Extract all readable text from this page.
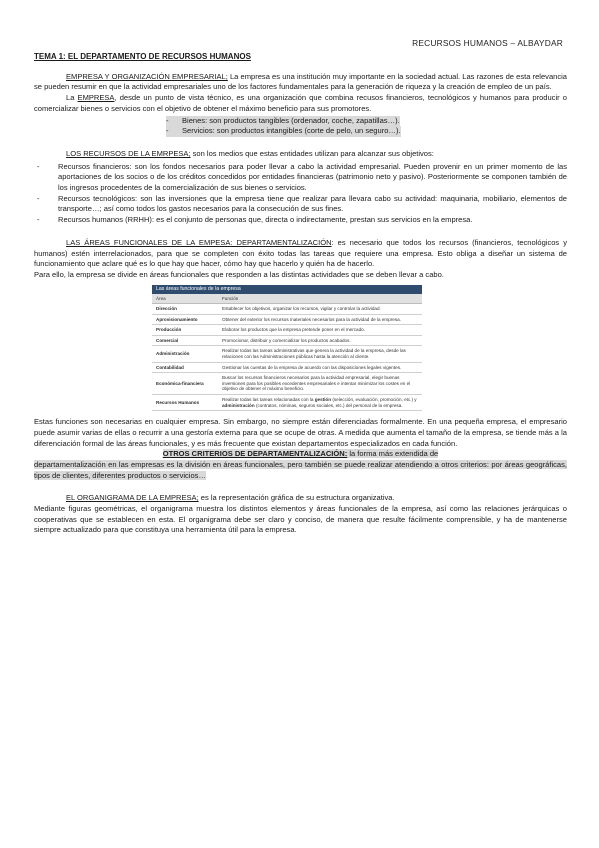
RECURSOS HUMANOS – ALBAYDAR
TEMA 1: EL DEPARTAMENTO DE RECURSOS HUMANOS

EMPRESA Y ORGANIZACIÓN EMPRESARIAL; La empresa es una institución muy importante en la sociedad actual. Las razones de esta relevancia se pueden resumir en que la actividad empresariales uno de los factores fundamentales para la generación de riqueza y la creación de empleo de un país.

La EMPRESA, desde un punto de vista técnico, es una organización que combina recusos financieros, tecnológicos y humanos para producir o comercializar bienes o servicios con el objetivo de obtener el máximo beneficio para sus promotores.

- Bienes: son productos tangibles (ordenador, coche, zapatillas…).
- Servicios: son productos intangibles (corte de pelo, un seguro…).

LOS RECURSOS DE LA EMRPESA; son los medios que estas entidades utilizan para alcanzar sus objetivos:

- Recursos financieros: son los fondos necesarios para poder llevar a cabo la actividad empresarial. Pueden provenir en un primer momento de las aportaciones de los socios o de los créditos concedidos por entidades financieras (patrimonio neto y pasivo). Posteriormente se componen también de los ingresos procedentes de la comercialización de sus bienes o servicios.
- Recursos tecnológicos: son las inversiones que la empresa tiene que realizar para llevara cabo su actividad: maquinaria, mobiliario, elementos de transporte…; así como todos los gastos necesarios para la consecución de sus fines.
- Recursos humanos (RRHH): es el conjunto de personas que, directa o indirectamente, prestan sus servicios en la empresa.

LAS ÁREAS FUNCIONALES DE LA EMPESA: DEPARTAMENTALIZACIÓN: es necesario que todos los recursos (financieros, tecnológicos y humanos) estén interrelacionados, para que se completen con éxito todas las tareas que requiere una empresa. Esto obliga a diseñar un sistema de funcionamiento que aclare qué es lo que hay que hacer, cómo hay que hacerlo y quién ha de hacerlo.

Para ello, la empresa se divide en áreas funcionales que responden a las distintas actividades que se deben llevar a cabo.

Las áreas funcionales de la empresa
Área	Función
Dirección	Establecer los objetivos, organizar los recursos, vigilar y controlar la actividad.
Aprovisionamiento	Obtener del exterior los recursos materiales necesarios para la actividad de la empresa.
Producción	Elaborar los productos que la empresa pretende poner en el mercado.
Comercial	Promocionar, distribuir y comercializar los productos acabados.
Administración	Realizar todas las tareas administrativas que genera la actividad de la empresa, desde las relaciones con las Administraciones públicas hasta la atención al cliente.
Contabilidad	Gestionar las cuentas de la empresa de acuerdo con las disposiciones legales vigentes.
Económica-financiera	Buscar los recursos financieros necesarios para la actividad empresarial, elegir buenas inversiones para los posibles excedentes empresariales e intentar minimizar los costes en el objetivo de obtener el máximo beneficio.
Recursos Humanos	Realizar todas las tareas relacionadas con la gestión (selección, evaluación, promoción, etc.) y administración (contratos, nóminas, seguros sociales, etc.) del personal de la empresa.

Estas funciones son necesarias en cualquier empresa. Sin embargo, no siempre están diferenciadas formalmente. En una pequeña empresa, el empresario puede asumir varias de ellas o recurrir a una gestoría externa para que se ocupe de otras. A medida que aumenta el tamaño de la empresa, se tiende más a la diferenciación formal de las áreas funcionales, y es más frecuente que existan departamentos especializados en cada función.

OTROS CRITERIOS DE DEPARTAMENTALIZACIÓN: la forma más extendida de

departamentalización en las empresas es la división en áreas funcionales, pero también se puede realizar atendiendo a otros criterios: por áreas geográficas, tipos de clientes, diferentes productos o servicios…

EL ORGANIGRAMA DE LA EMPRESA; es la representación gráfica de su estructura organizativa.

Mediante figuras geométricas, el organigrama muestra los distintos elementos y áreas funcionales de la empresa, así como las relaciones jerárquicas o cooperativas que se establecen en esta. El organigrama debe ser claro y conciso, de manera que resulte fácilmente comprensible, y ha de mantenerse siempre actualizado para que constituya una herramienta útil para la empresa.
